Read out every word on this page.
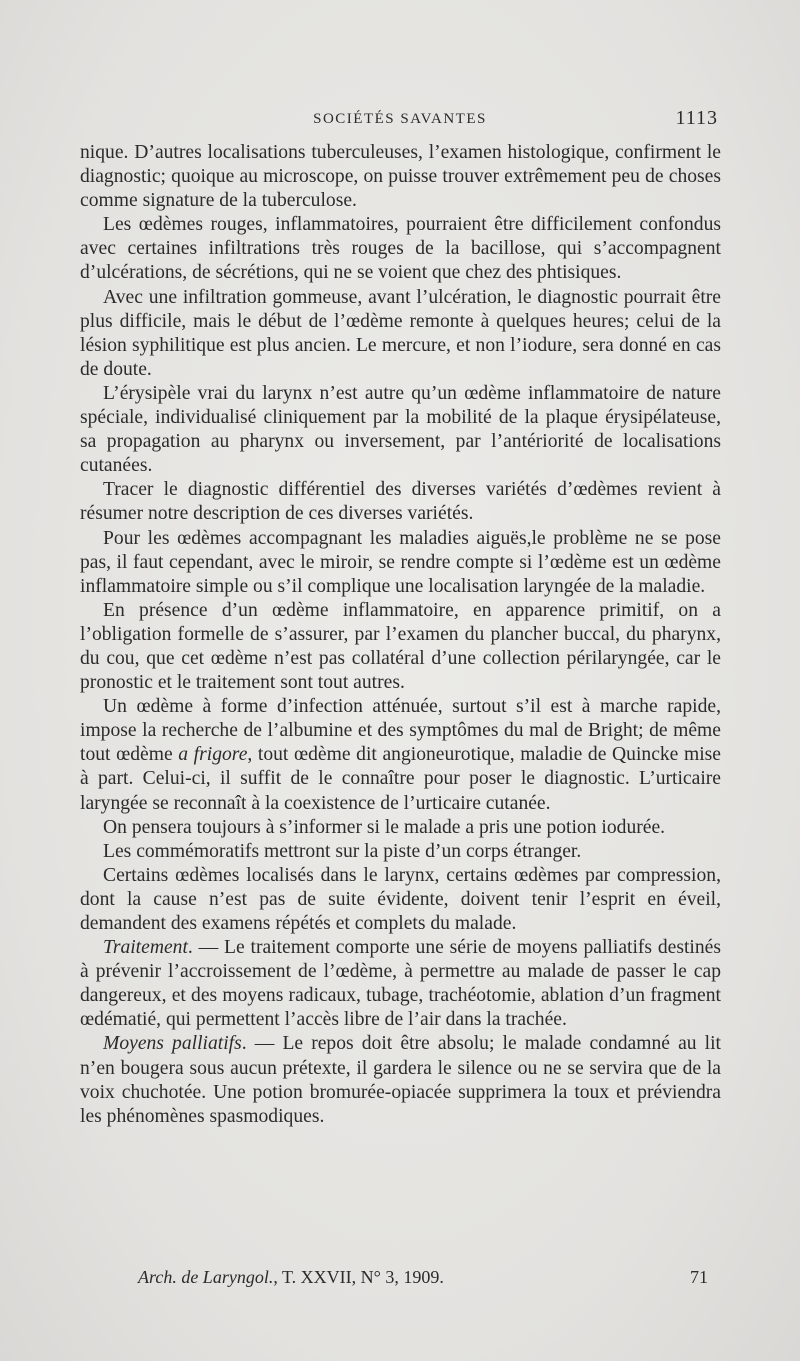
SOCIÉTÉS SAVANTES	1113

nique. D’autres localisations tuberculeuses, l’examen histologique, confirment le diagnostic; quoique au microscope, on puisse trouver extrêmement peu de choses comme signature de la tuberculose.

Les œdèmes rouges, inflammatoires, pourraient être difficilement confondus avec certaines infiltrations très rouges de la bacillose, qui s’accompagnent d’ulcérations, de sécrétions, qui ne se voient que chez des phtisiques.

Avec une infiltration gommeuse, avant l’ulcération, le diagnostic pourrait être plus difficile, mais le début de l’œdème remonte à quelques heures; celui de la lésion syphilitique est plus ancien. Le mercure, et non l’iodure, sera donné en cas de doute.

L’érysipèle vrai du larynx n’est autre qu’un œdème inflammatoire de nature spéciale, individualisé cliniquement par la mobilité de la plaque érysipélateuse, sa propagation au pharynx ou inversement, par l’antériorité de localisations cutanées.

Tracer le diagnostic différentiel des diverses variétés d’œdèmes revient à résumer notre description de ces diverses variétés.

Pour les œdèmes accompagnant les maladies aiguës,le problème ne se pose pas, il faut cependant, avec le miroir, se rendre compte si l’œdème est un œdème inflammatoire simple ou s’il complique une localisation laryngée de la maladie.

En présence d’un œdème inflammatoire, en apparence primitif, on a l’obligation formelle de s’assurer, par l’examen du plancher buccal, du pharynx, du cou, que cet œdème n’est pas collatéral d’une collection périlaryngée, car le pronostic et le traitement sont tout autres.

Un œdème à forme d’infection atténuée, surtout s’il est à marche rapide, impose la recherche de l’albumine et des symptômes du mal de Bright; de même tout œdème a frigore, tout œdème dit angioneurotique, maladie de Quincke mise à part. Celui-ci, il suffit de le connaître pour poser le diagnostic. L’urticaire laryngée se reconnaît à la coexistence de l’urticaire cutanée.

On pensera toujours à s’informer si le malade a pris une potion iodurée.

Les commémoratifs mettront sur la piste d’un corps étranger.

Certains œdèmes localisés dans le larynx, certains œdèmes par compression, dont la cause n’est pas de suite évidente, doivent tenir l’esprit en éveil, demandent des examens répétés et complets du malade.

Traitement. — Le traitement comporte une série de moyens palliatifs destinés à prévenir l’accroissement de l’œdème, à permettre au malade de passer le cap dangereux, et des moyens radicaux, tubage, trachéotomie, ablation d’un fragment œdématié, qui permettent l’accès libre de l’air dans la trachée.

Moyens palliatifs. — Le repos doit être absolu; le malade condamné au lit n’en bougera sous aucun prétexte, il gardera le silence ou ne se servira que de la voix chuchotée. Une potion bromurée-opiacée supprimera la toux et préviendra les phénomènes spasmodiques.

Arch. de Laryngol., T. XXVII, N° 3, 1909.	71
